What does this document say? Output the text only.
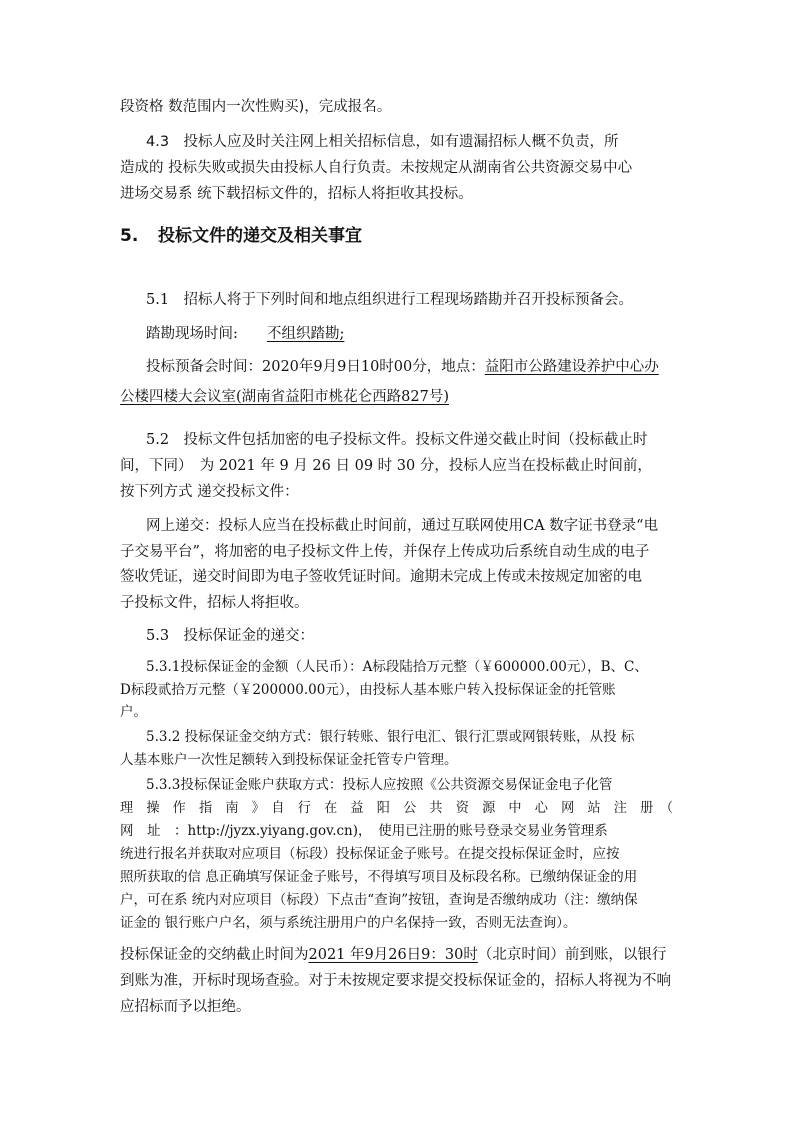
段资格 数范围内一次性购买)，完成报名。
4.3　投标人应及时关注网上相关招标信息，如有遗漏招标人概不负责，所
造成的 投标失败或损失由投标人自行负责。未按规定从湖南省公共资源交易中心
进场交易系 统下载招标文件的，招标人将拒收其投标。
5. 投标文件的递交及相关事宜
5.1　招标人将于下列时间和地点组织进行工程现场踏勘并召开投标预备会。
踏勘现场时间: 不组织踏勘;
投标预备会时间：2020年9月9日10时00分，地点：益阳市公路建设养护中心办
公楼四楼大会议室(湖南省益阳市桃花仑西路827号)
5.2　投标文件包括加密的电子投标文件。投标文件递交截止时间（投标截止时
间，下同）　为 2021 年 9 月 26 日 09 时 30 分，投标人应当在投标截止时间前，
按下列方式 递交投标文件：
网上递交：投标人应当在投标截止时间前，通过互联网使用CA 数字证书登录“电
子交易平台”，将加密的电子投标文件上传，并保存上传成功后系统自动生成的电子
签收凭证，递交时间即为电子签收凭证时间。逾期未完成上传或未按规定加密的电
子投标文件，招标人将拒收。
5.3　投标保证金的递交：
5.3.1投标保证金的金额（人民币）：A标段陆拾万元整（￥600000.00元），B、C、
D标段贰拾万元整（￥200000.00元），由投标人基本账户转入投标保证金的托管账
户。
5.3.2 投标保证金交纳方式：银行转账、银行电汇、银行汇票或网银转账，从投 标
人基本账户一次性足额转入到投标保证金托管专户管理。
5.3.3投标保证金账户获取方式：投标人应按照《公共资源交易保证金电子化管
理　操　作　指　南　》　自　行　在　益　阳　公　共　资　源　中　心　网　站　注　册　（
网　址　：http://jyzx.yiyang.gov.cn)，　使用已注册的账号登录交易业务管理系
统进行报名并获取对应项目（标段）投标保证金子账号。在提交投标保证金时，应按
照所获取的信 息正确填写保证金子账号，不得填写项目及标段名称。已缴纳保证金的用
户，可在系 统内对应项目（标段）下点击“查询”按钮，查询是否缴纳成功（注：缴纳保
证金的 银行账户户名，须与系统注册用户的户名保持一致，否则无法查询）。
投标保证金的交纳截止时间为2021 年9月26日9：30时（北京时间）前到账，以银行
到账为准，开标时现场查验。对于未按规定要求提交投标保证金的，招标人将视为不响
应招标而予以拒绝。
